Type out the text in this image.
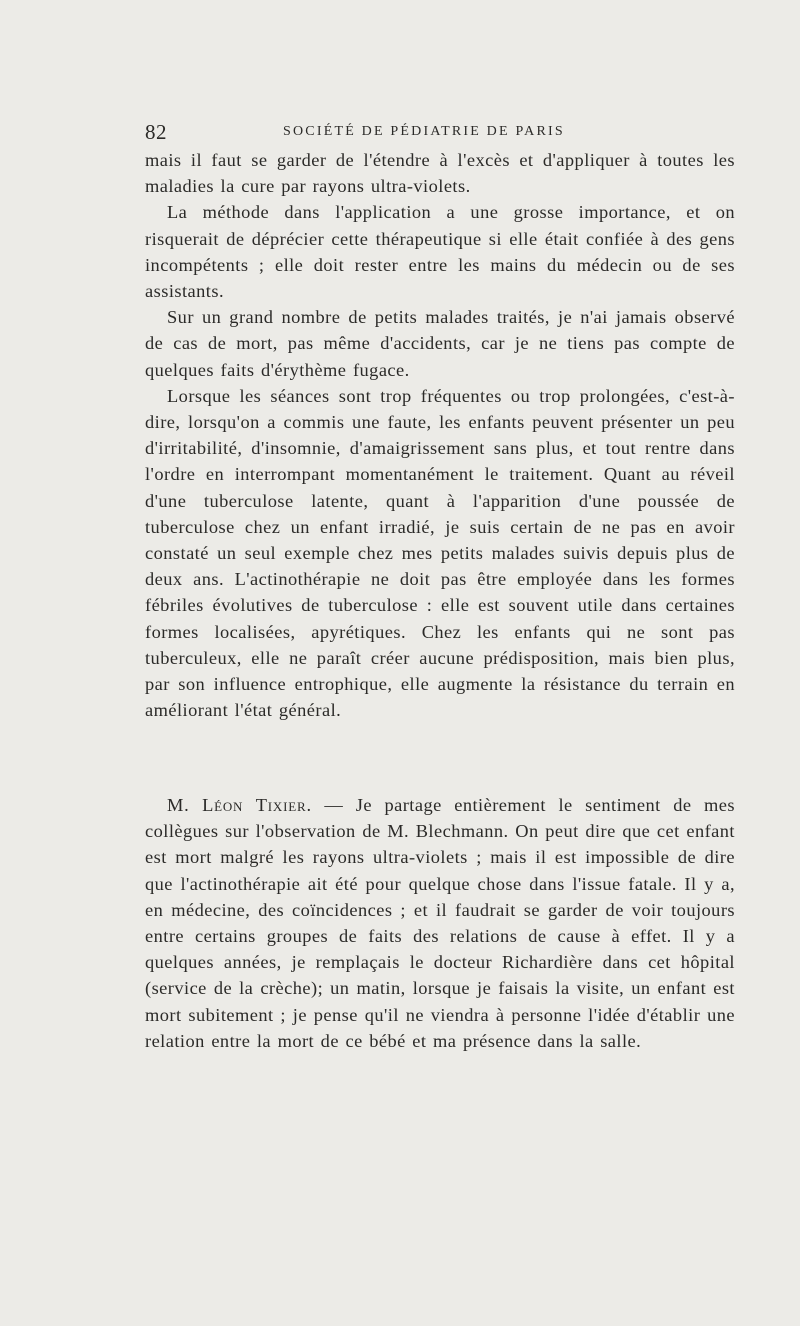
82	SOCIÉTÉ DE PÉDIATRIE DE PARIS

mais il faut se garder de l'étendre à l'excès et d'appliquer à toutes les maladies la cure par rayons ultra-violets.

La méthode dans l'application a une grosse importance, et on risquerait de déprécier cette thérapeutique si elle était confiée à des gens incompétents ; elle doit rester entre les mains du médecin ou de ses assistants.

Sur un grand nombre de petits malades traités, je n'ai jamais observé de cas de mort, pas même d'accidents, car je ne tiens pas compte de quelques faits d'érythème fugace.

Lorsque les séances sont trop fréquentes ou trop prolongées, c'est-à-dire, lorsqu'on a commis une faute, les enfants peuvent présenter un peu d'irritabilité, d'insomnie, d'amaigrissement sans plus, et tout rentre dans l'ordre en interrompant momentanément le traitement. Quant au réveil d'une tuberculose latente, quant à l'apparition d'une poussée de tuberculose chez un enfant irradié, je suis certain de ne pas en avoir constaté un seul exemple chez mes petits malades suivis depuis plus de deux ans. L'actinothérapie ne doit pas être employée dans les formes fébriles évolutives de tuberculose : elle est souvent utile dans certaines formes localisées, apyrétiques. Chez les enfants qui ne sont pas tuberculeux, elle ne paraît créer aucune prédisposition, mais bien plus, par son influence entrophique, elle augmente la résistance du terrain en améliorant l'état général.

M. Léon Tixier. — Je partage entièrement le sentiment de mes collègues sur l'observation de M. Blechmann. On peut dire que cet enfant est mort malgré les rayons ultra-violets ; mais il est impossible de dire que l'actinothérapie ait été pour quelque chose dans l'issue fatale. Il y a, en médecine, des coïncidences ; et il faudrait se garder de voir toujours entre certains groupes de faits des relations de cause à effet. Il y a quelques années, je remplaçais le docteur Richardière dans cet hôpital (service de la crèche); un matin, lorsque je faisais la visite, un enfant est mort subitement ; je pense qu'il ne viendra à personne l'idée d'établir une relation entre la mort de ce bébé et ma présence dans la salle.
